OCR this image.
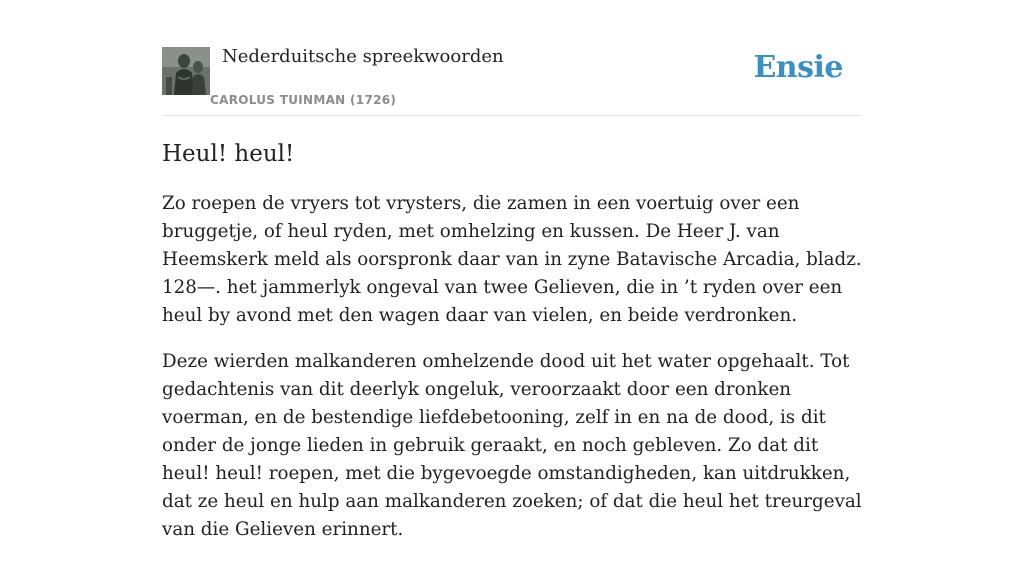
Nederduitsche spreekwoorden
CAROLUS TUINMAN (1726)
Ensie
Heul! heul!

Zo roepen de vryers tot vrysters, die zamen in een voertuig over een bruggetje, of heul ryden, met omhelzing en kussen. De Heer J. van Heemskerk meld als oorspronk daar van in zyne Batavische Arcadia, bladz. 128—. het jammerlyk ongeval van twee Gelieven, die in ’t ryden over een heul by avond met den wagen daar van vielen, en beide verdronken.

Deze wierden malkanderen omhelzende dood uit het water opgehaalt. Tot gedachtenis van dit deerlyk ongeluk, veroorzaakt door een dronken voerman, en de bestendige liefdebetooning, zelf in en na de dood, is dit onder de jonge lieden in gebruik geraakt, en noch gebleven. Zo dat dit heul! heul! roepen, met die bygevoegde omstandigheden, kan uitdrukken, dat ze heul en hulp aan malkanderen zoeken; of dat die heul het treurgeval van die Gelieven erinnert.
